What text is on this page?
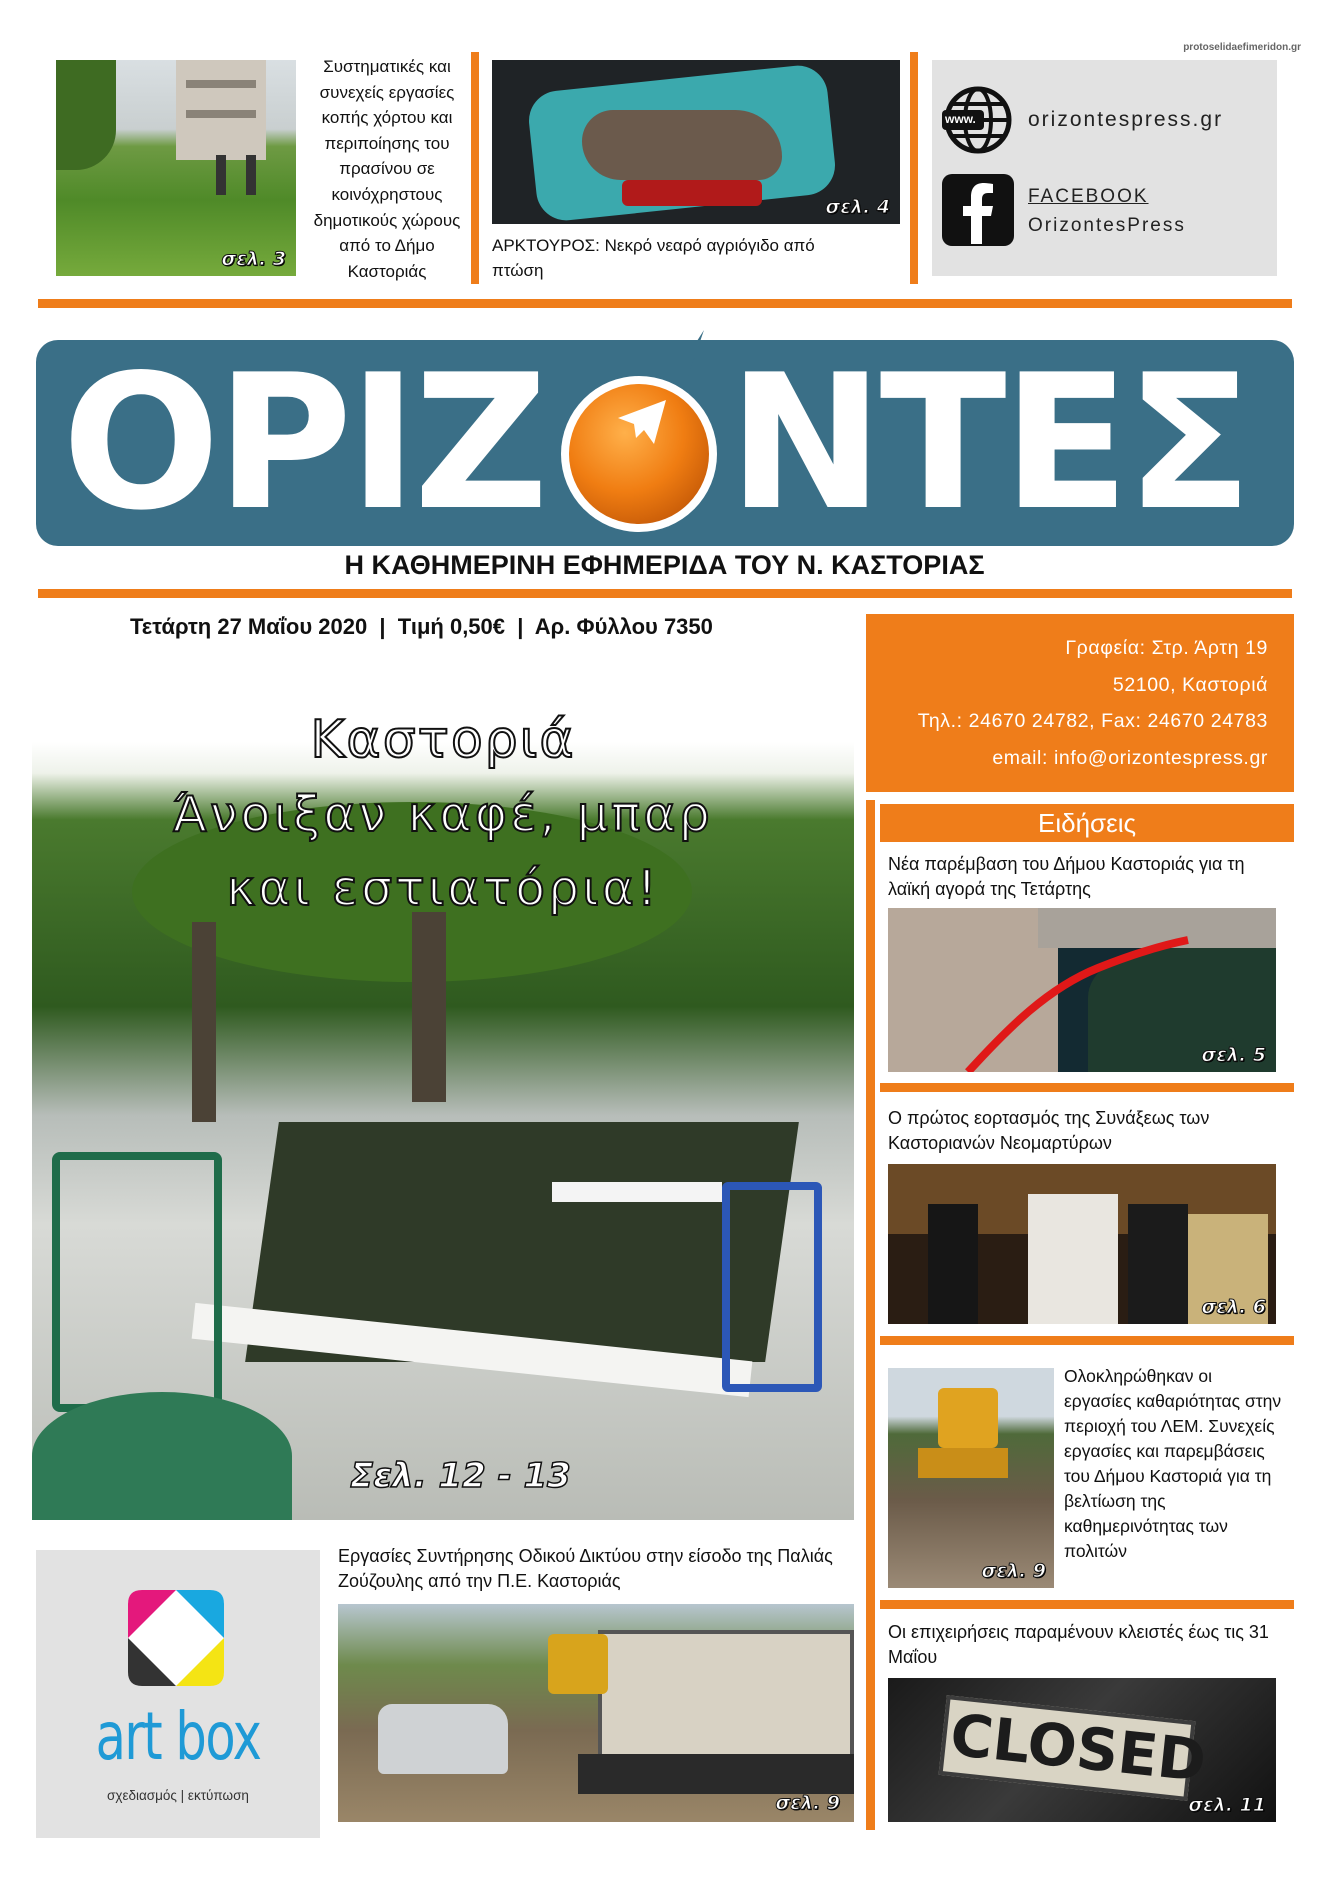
protoselidaefimeridon.gr
σελ. 3
Συστηματικές και συνεχείς εργασίες κοπής χόρτου και περιποίησης του πρασίνου σε κοινόχρηστους δημοτικούς χώρους από το Δήμο Καστοριάς
σελ. 4
ΑΡΚΤΟΥΡΟΣ: Νεκρό νεαρό αγριόγιδο από πτώση
www. orizontespress.gr
FACEBOOK
OrizontesPress
ΟΡΙΖ ΝΤΕΣ
Η ΚΑΘΗΜΕΡΙΝΗ ΕΦΗΜΕΡΙΔΑ ΤΟΥ Ν. ΚΑΣΤΟΡΙΑΣ
Τετάρτη 27 Μαΐου 2020  |  Τιμή 0,50€  |  Αρ. Φύλλου 7350
Γραφεία: Στρ. Άρτη 19
52100, Καστοριά
Τηλ.: 24670 24782, Fax: 24670 24783
email: info@orizontespress.gr
Καστοριά
Άνοιξαν καφέ, μπαρ
και εστιατόρια!
Σελ. 12 - 13
Ειδήσεις
Νέα παρέμβαση του Δήμου Καστοριάς για τη λαϊκή αγορά της Τετάρτης
σελ. 5
Ο πρώτος εορτασμός της Συνάξεως των Καστοριανών Νεομαρτύρων
σελ. 6
σελ. 9
Ολοκληρώθηκαν οι εργασίες καθαριότητας στην περιοχή του ΛΕΜ. Συνεχείς εργασίες και παρεμβάσεις του Δήμου Καστοριά για τη βελτίωση της καθημερινότητας των πολιτών
Οι επιχειρήσεις παραμένουν κλειστές έως τις 31 Μαΐου
CLOSED
σελ. 11
art box
σχεδιασμός | εκτύπωση
Εργασίες Συντήρησης Οδικού Δικτύου στην είσοδο της Παλιάς Ζούζουλης από την Π.Ε. Καστοριάς
σελ. 9
